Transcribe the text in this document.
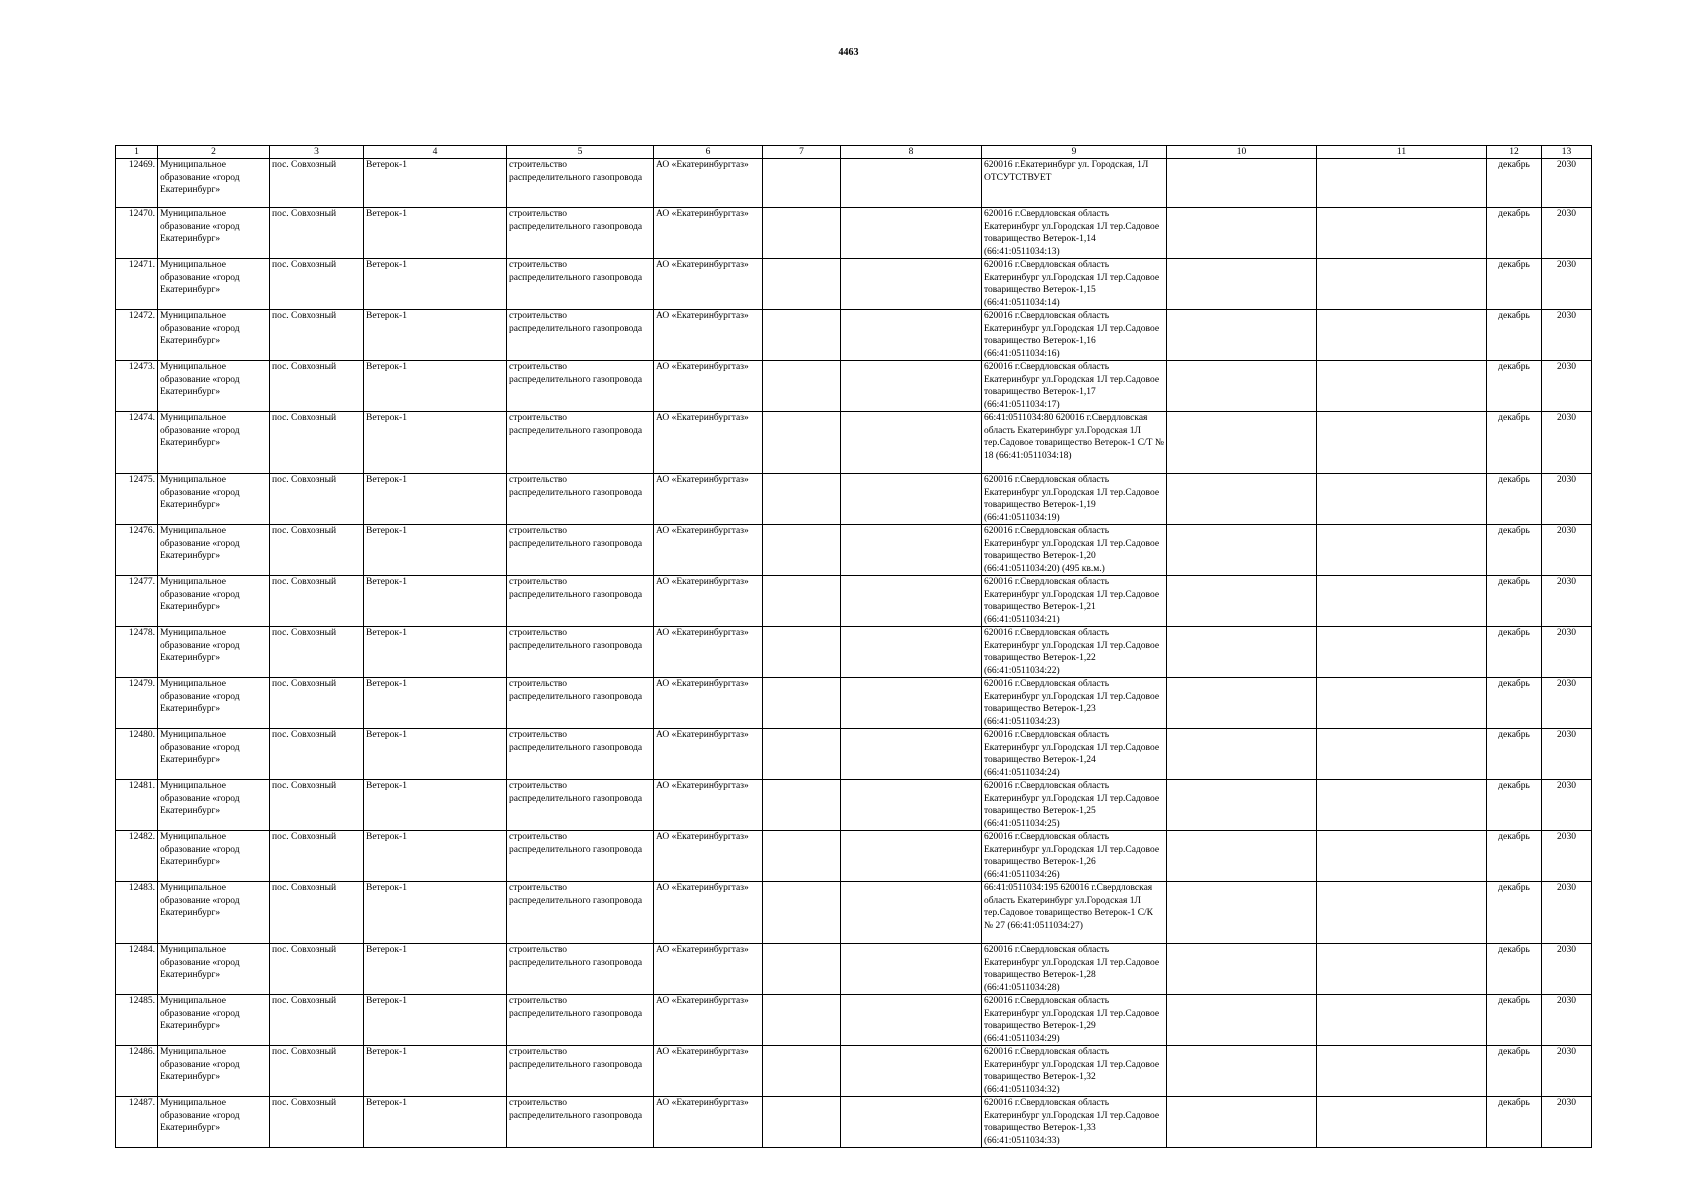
4463
1	2	3	4	5	6	7	8	9	10	11	12	13
12469.	Муниципальное образование «город Екатеринбург»	пос. Совхозный	Ветерок-1	строительство распределительного газопровода	АО «Екатеринбургтаз»			620016 г.Екатеринбург ул. Городская, 1Л ОТСУТСТВУЕТ			декабрь	2030
12470.	Муниципальное образование «город Екатеринбург»	пос. Совхозный	Ветерок-1	строительство распределительного газопровода	АО «Екатеринбургтаз»			620016 г.Свердловская область Екатеринбург ул.Городская 1Л тер.Садовое товарищество Ветерок-1,14 (66:41:0511034:13)			декабрь	2030
12471.	Муниципальное образование «город Екатеринбург»	пос. Совхозный	Ветерок-1	строительство распределительного газопровода	АО «Екатеринбургтаз»			620016 г.Свердловская область Екатеринбург ул.Городская 1Л тер.Садовое товарищество Ветерок-1,15 (66:41:0511034:14)			декабрь	2030
12472.	Муниципальное образование «город Екатеринбург»	пос. Совхозный	Ветерок-1	строительство распределительного газопровода	АО «Екатеринбургтаз»			620016 г.Свердловская область Екатеринбург ул.Городская 1Л тер.Садовое товарищество Ветерок-1,16 (66:41:0511034:16)			декабрь	2030
12473.	Муниципальное образование «город Екатеринбург»	пос. Совхозный	Ветерок-1	строительство распределительного газопровода	АО «Екатеринбургтаз»			620016 г.Свердловская область Екатеринбург ул.Городская 1Л тер.Садовое товарищество Ветерок-1,17 (66:41:0511034:17)			декабрь	2030
12474.	Муниципальное образование «город Екатеринбург»	пос. Совхозный	Ветерок-1	строительство распределительного газопровода	АО «Екатеринбургтаз»			66:41:0511034:80 620016 г.Свердловская область Екатеринбург ул.Городская 1Л тер.Садовое товарищество Ветерок-1 С/Т № 18 (66:41:0511034:18)			декабрь	2030
12475.	Муниципальное образование «город Екатеринбург»	пос. Совхозный	Ветерок-1	строительство распределительного газопровода	АО «Екатеринбургтаз»			620016 г.Свердловская область Екатеринбург ул.Городская 1Л тер.Садовое товарищество Ветерок-1,19 (66:41:0511034:19)			декабрь	2030
12476.	Муниципальное образование «город Екатеринбург»	пос. Совхозный	Ветерок-1	строительство распределительного газопровода	АО «Екатеринбургтаз»			620016 г.Свердловская область Екатеринбург ул.Городская 1Л тер.Садовое товарищество Ветерок-1,20 (66:41:0511034:20) (495 кв.м.)			декабрь	2030
12477.	Муниципальное образование «город Екатеринбург»	пос. Совхозный	Ветерок-1	строительство распределительного газопровода	АО «Екатеринбургтаз»			620016 г.Свердловская область Екатеринбург ул.Городская 1Л тер.Садовое товарищество Ветерок-1,21 (66:41:0511034:21)			декабрь	2030
12478.	Муниципальное образование «город Екатеринбург»	пос. Совхозный	Ветерок-1	строительство распределительного газопровода	АО «Екатеринбургтаз»			620016 г.Свердловская область Екатеринбург ул.Городская 1Л тер.Садовое товарищество Ветерок-1,22 (66:41:0511034:22)			декабрь	2030
12479.	Муниципальное образование «город Екатеринбург»	пос. Совхозный	Ветерок-1	строительство распределительного газопровода	АО «Екатеринбургтаз»			620016 г.Свердловская область Екатеринбург ул.Городская 1Л тер.Садовое товарищество Ветерок-1,23 (66:41:0511034:23)			декабрь	2030
12480.	Муниципальное образование «город Екатеринбург»	пос. Совхозный	Ветерок-1	строительство распределительного газопровода	АО «Екатеринбургтаз»			620016 г.Свердловская область Екатеринбург ул.Городская 1Л тер.Садовое товарищество Ветерок-1,24 (66:41:0511034:24)			декабрь	2030
12481.	Муниципальное образование «город Екатеринбург»	пос. Совхозный	Ветерок-1	строительство распределительного газопровода	АО «Екатеринбургтаз»			620016 г.Свердловская область Екатеринбург ул.Городская 1Л тер.Садовое товарищество Ветерок-1,25 (66:41:0511034:25)			декабрь	2030
12482.	Муниципальное образование «город Екатеринбург»	пос. Совхозный	Ветерок-1	строительство распределительного газопровода	АО «Екатеринбургтаз»			620016 г.Свердловская область Екатеринбург ул.Городская 1Л тер.Садовое товарищество Ветерок-1,26 (66:41:0511034:26)			декабрь	2030
12483.	Муниципальное образование «город Екатеринбург»	пос. Совхозный	Ветерок-1	строительство распределительного газопровода	АО «Екатеринбургтаз»			66:41:0511034:195 620016 г.Свердловская область Екатеринбург ул.Городская 1Л тер.Садовое товарищество Ветерок-1 С/К № 27 (66:41:0511034:27)			декабрь	2030
12484.	Муниципальное образование «город Екатеринбург»	пос. Совхозный	Ветерок-1	строительство распределительного газопровода	АО «Екатеринбургтаз»			620016 г.Свердловская область Екатеринбург ул.Городская 1Л тер.Садовое товарищество Ветерок-1,28 (66:41:0511034:28)			декабрь	2030
12485.	Муниципальное образование «город Екатеринбург»	пос. Совхозный	Ветерок-1	строительство распределительного газопровода	АО «Екатеринбургтаз»			620016 г.Свердловская область Екатеринбург ул.Городская 1Л тер.Садовое товарищество Ветерок-1,29 (66:41:0511034:29)			декабрь	2030
12486.	Муниципальное образование «город Екатеринбург»	пос. Совхозный	Ветерок-1	строительство распределительного газопровода	АО «Екатеринбургтаз»			620016 г.Свердловская область Екатеринбург ул.Городская 1Л тер.Садовое товарищество Ветерок-1,32 (66:41:0511034:32)			декабрь	2030
12487.	Муниципальное образование «город Екатеринбург»	пос. Совхозный	Ветерок-1	строительство распределительного газопровода	АО «Екатеринбургтаз»			620016 г.Свердловская область Екатеринбург ул.Городская 1Л тер.Садовое товарищество Ветерок-1,33 (66:41:0511034:33)			декабрь	2030
